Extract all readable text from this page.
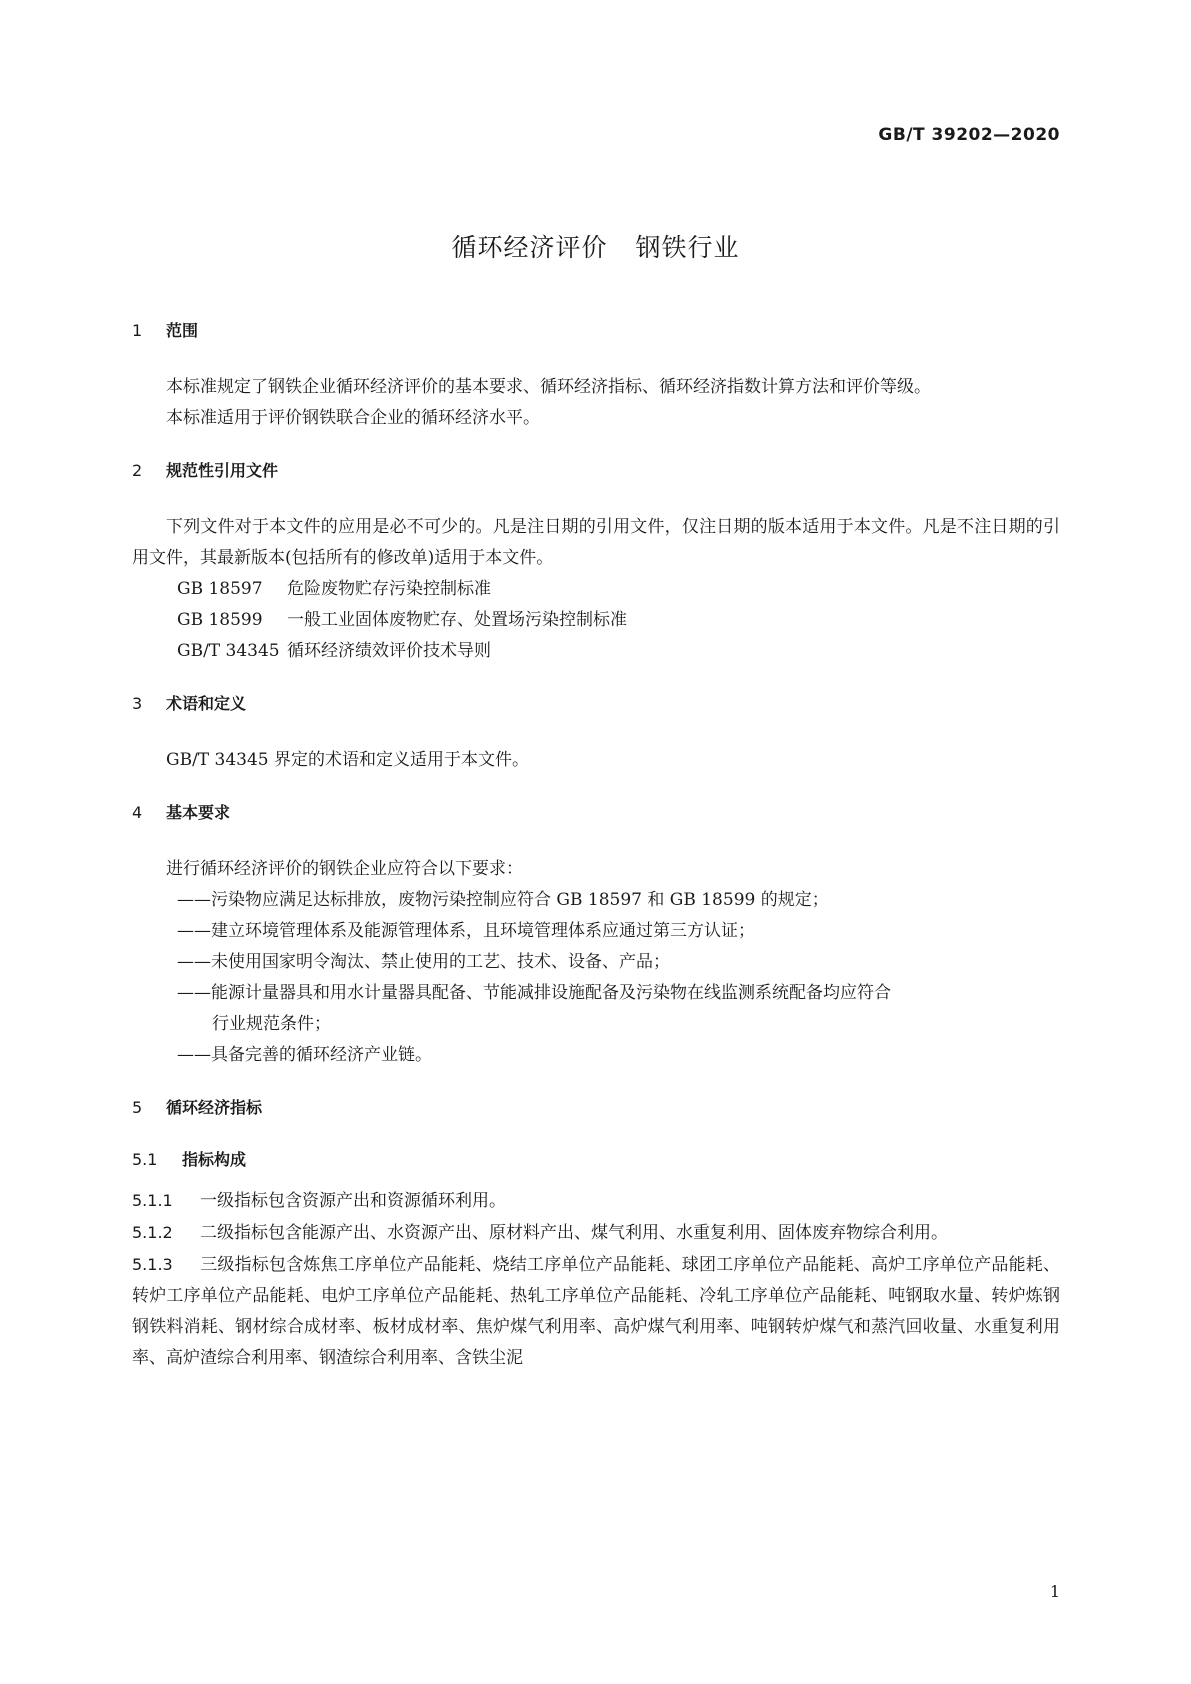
GB/T 39202—2020
循环经济评价 钢铁行业
1 范围

本标准规定了钢铁企业循环经济评价的基本要求、循环经济指标、循环经济指数计算方法和评价等级。

本标准适用于评价钢铁联合企业的循环经济水平。

2 规范性引用文件

下列文件对于本文件的应用是必不可少的。凡是注日期的引用文件，仅注日期的版本适用于本文件。凡是不注日期的引用文件，其最新版本(包括所有的修改单)适用于本文件。

GB 18597 危险废物贮存污染控制标准

GB 18599 一般工业固体废物贮存、处置场污染控制标准

GB/T 34345 循环经济绩效评价技术导则

3 术语和定义

GB/T 34345 界定的术语和定义适用于本文件。

4 基本要求

进行循环经济评价的钢铁企业应符合以下要求：

——污染物应满足达标排放，废物污染控制应符合 GB 18597 和 GB 18599 的规定；

——建立环境管理体系及能源管理体系，且环境管理体系应通过第三方认证；

——未使用国家明令淘汰、禁止使用的工艺、技术、设备、产品；

——能源计量器具和用水计量器具配备、节能减排设施配备及污染物在线监测系统配备均应符合

行业规范条件；

——具备完善的循环经济产业链。

5 循环经济指标
5.1 指标构成

5.1.1 一级指标包含资源产出和资源循环利用。

5.1.2 二级指标包含能源产出、水资源产出、原材料产出、煤气利用、水重复利用、固体废弃物综合利用。

5.1.3 三级指标包含炼焦工序单位产品能耗、烧结工序单位产品能耗、球团工序单位产品能耗、高炉工序单位产品能耗、转炉工序单位产品能耗、电炉工序单位产品能耗、热轧工序单位产品能耗、冷轧工序单位产品能耗、吨钢取水量、转炉炼钢钢铁料消耗、钢材综合成材率、板材成材率、焦炉煤气利用率、高炉煤气利用率、吨钢转炉煤气和蒸汽回收量、水重复利用率、高炉渣综合利用率、钢渣综合利用率、含铁尘泥

1
